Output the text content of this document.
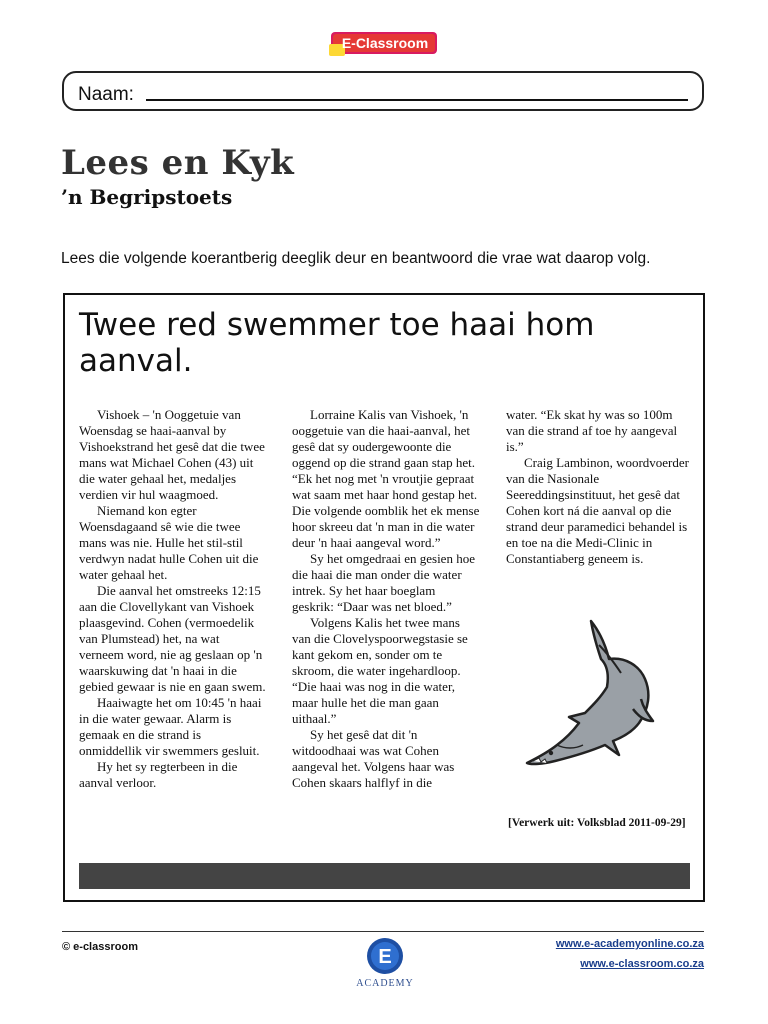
E-Classroom
Naam:
Lees en Kyk
’n Begripstoets
Lees die volgende koerantberig deeglik deur en beantwoord die vrae wat daarop volg.
Twee red swemmer toe haai hom aanval.

Vishoek – 'n Ooggetuie van Woensdag se haai-aanval by Vishoekstrand het gesê dat die twee mans wat Michael Cohen (43) uit die water gehaal het, medaljes verdien vir hul waagmoed.

Niemand kon egter Woensdagaand sê wie die twee mans was nie. Hulle het stil-stil verdwyn nadat hulle Cohen uit die water gehaal het.

Die aanval het omstreeks 12:15 aan die Clovellykant van Vishoek plaasgevind. Cohen (vermoedelik van Plumstead) het, na wat verneem word, nie ag geslaan op 'n waarskuwing dat 'n haai in die gebied gewaar is nie en gaan swem.

Haaiwagte het om 10:45 'n haai in die water gewaar. Alarm is gemaak en die strand is onmiddellik vir swemmers gesluit.

Hy het sy regterbeen in die aanval verloor.

Lorraine Kalis van Vishoek, 'n ooggetuie van die haai-aanval, het gesê dat sy oudergewoonte die oggend op die strand gaan stap het. “Ek het nog met 'n vroutjie gepraat wat saam met haar hond gestap het. Die volgende oomblik het ek mense hoor skreeu dat 'n man in die water deur 'n haai aangeval word.”

Sy het omgedraai en gesien hoe die haai die man onder die water intrek. Sy het haar boeglam geskrik: “Daar was net bloed.”

Volgens Kalis het twee mans van die Clovelyspoorwegstasie se kant gekom en, sonder om te skroom, die water ingehardloop. “Die haai was nog in die water, maar hulle het die man gaan uithaal.”

Sy het gesê dat dit 'n witdoodhaai was wat Cohen aangeval het. Volgens haar was Cohen skaars halflyf in die

water. “Ek skat hy was so 100m van die strand af toe hy aangeval is.”

Craig Lambinon, woordvoerder van die Nasionale Seereddingsinstituut, het gesê dat Cohen kort ná die aanval op die strand deur paramedici behandel is en toe na die Medi-Clinic in Constantiaberg geneem is.

[Verwerk uit: Volksblad 2011-09-29]
© e-classroom	E
ACADEMY
www.e-academyonline.co.za
www.e-classroom.co.za
